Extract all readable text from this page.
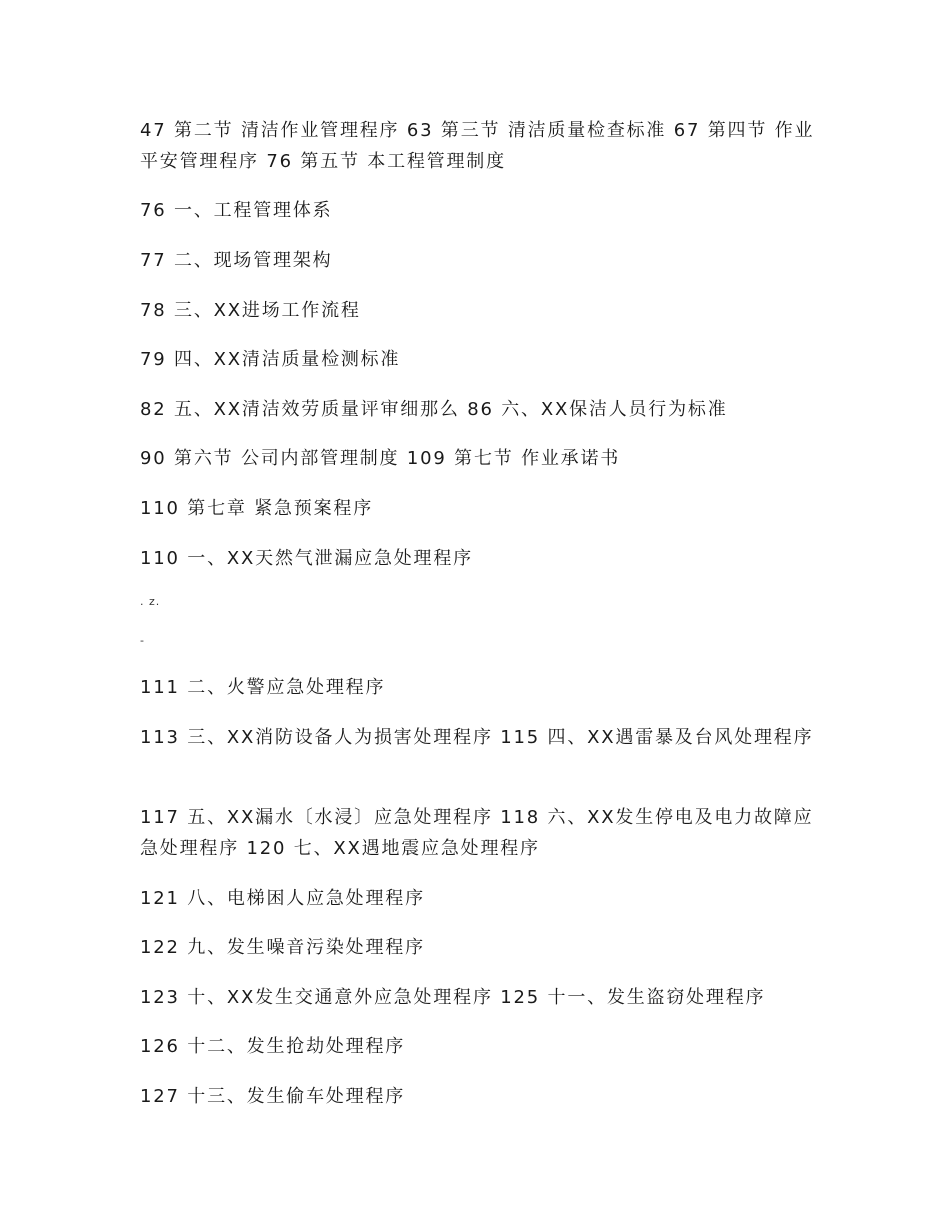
47 第二节 清洁作业管理程序 63 第三节 清洁质量检查标准 67 第四节 作业平安管理程序 76 第五节 本工程管理制度
76 一、工程管理体系
77 二、现场管理架构
78 三、XX进场工作流程
79 四、XX清洁质量检测标准
82 五、XX清洁效劳质量评审细那么 86 六、XX保洁人员行为标准
90 第六节 公司内部管理制度 109 第七节 作业承诺书
110 第七章 紧急预案程序
110 一、XX天然气泄漏应急处理程序
. z.
-
111 二、火警应急处理程序
113 三、XX消防设备人为损害处理程序 115 四、XX遇雷暴及台风处理程序
117 五、XX漏水〔水浸〕应急处理程序 118 六、XX发生停电及电力故障应急处理程序 120 七、XX遇地震应急处理程序
121 八、电梯困人应急处理程序
122 九、发生噪音污染处理程序
123 十、XX发生交通意外应急处理程序 125 十一、发生盗窃处理程序
126 十二、发生抢劫处理程序
127 十三、发生偷车处理程序
